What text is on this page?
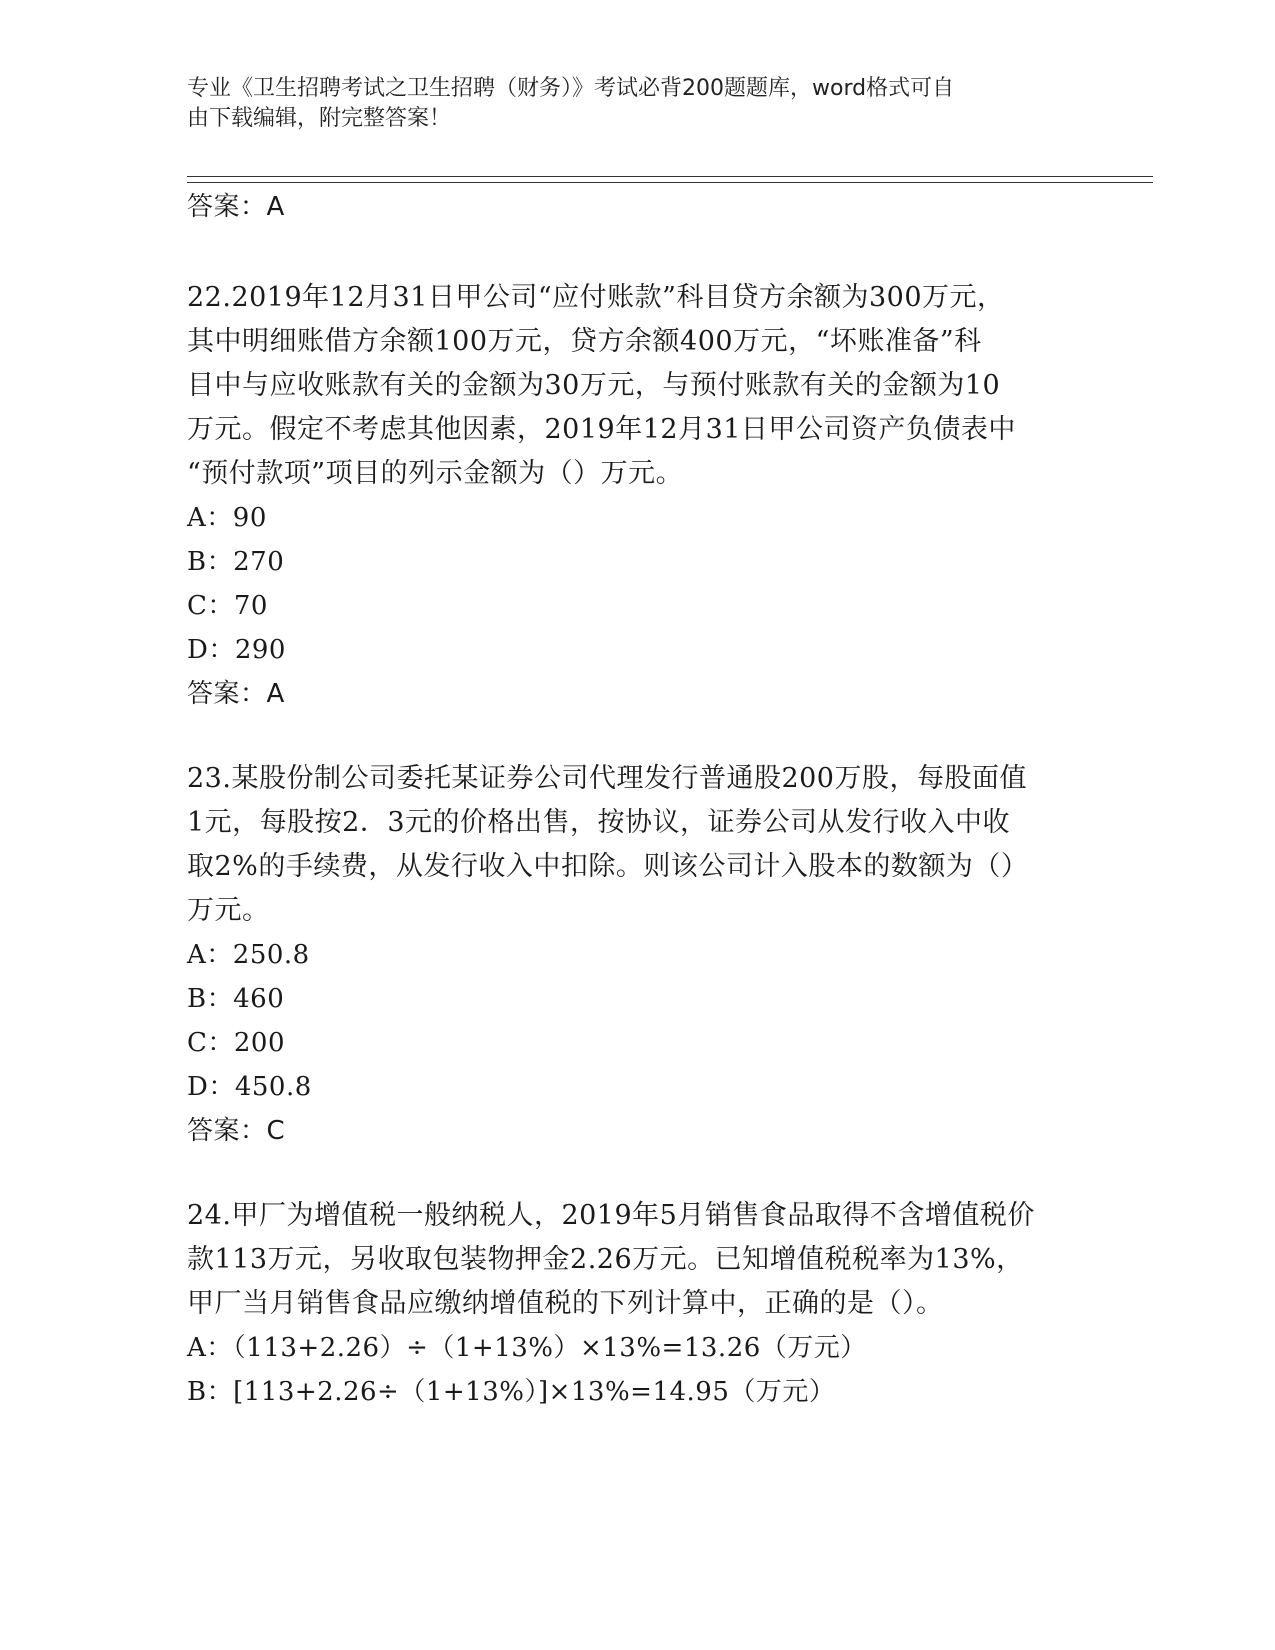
专业《卫生招聘考试之卫生招聘（财务）》考试必背200题题库，word格式可自
由下载编辑，附完整答案！
答案：A
22.2019年12月31日甲公司“应付账款”科目贷方余额为300万元，
其中明细账借方余额100万元，贷方余额400万元，“坏账准备”科
目中与应收账款有关的金额为30万元，与预付账款有关的金额为10
万元。假定不考虑其他因素，2019年12月31日甲公司资产负债表中
“预付款项”项目的列示金额为（）万元。
A：90
B：270
C：70
D：290
答案：A
23.某股份制公司委托某证券公司代理发行普通股200万股，每股面值
1元，每股按2．3元的价格出售，按协议，证券公司从发行收入中收
取2%的手续费，从发行收入中扣除。则该公司计入股本的数额为（）
万元。
A：250.8
B：460
C：200
D：450.8
答案：C
24.甲厂为增值税一般纳税人，2019年5月销售食品取得不含增值税价
款113万元，另收取包装物押金2.26万元。已知增值税税率为13%，
甲厂当月销售食品应缴纳增值税的下列计算中，正确的是（）。
A：（113+2.26）÷（1+13%）×13%=13.26（万元）
B：[113+2.26÷（1+13%）]×13%=14.95（万元）
